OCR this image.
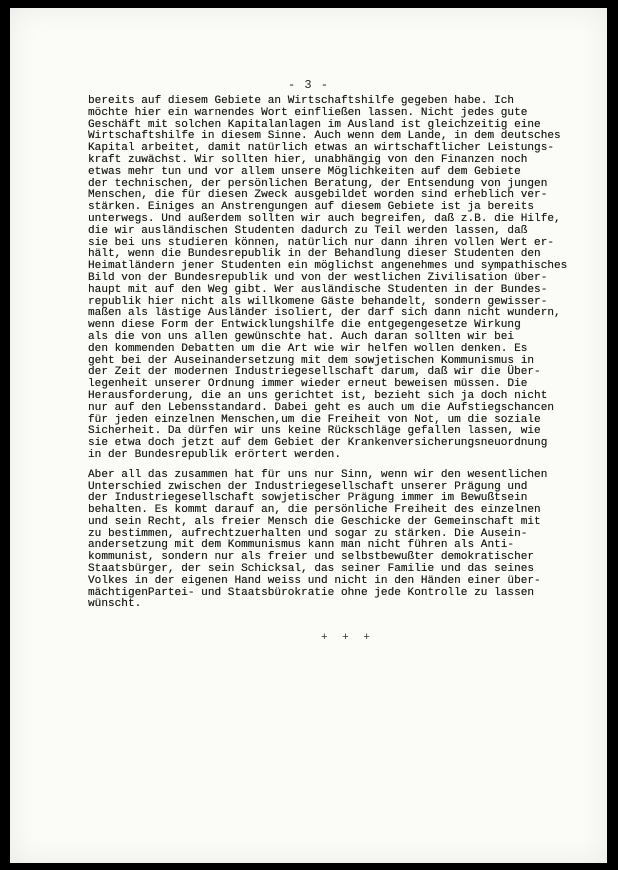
- 3 -
bereits auf diesem Gebiete an Wirtschaftshilfe gegeben habe. Ich
möchte hier ein warnendes Wort einfließen lassen. Nicht jedes gute
Geschäft mit solchen Kapitalanlagen im Ausland ist gleichzeitig eine
Wirtschaftshilfe in diesem Sinne. Auch wenn dem Lande, in dem deutsches
Kapital arbeitet, damit natürlich etwas an wirtschaftlicher Leistungs-
kraft zuwächst. Wir sollten hier, unabhängig von den Finanzen noch
etwas mehr tun und vor allem unsere Möglichkeiten auf dem Gebiete
der technischen, der persönlichen Beratung, der Entsendung von jungen
Menschen, die für diesen Zweck ausgebildet worden sind erheblich ver-
stärken. Einiges an Anstrengungen auf diesem Gebiete ist ja bereits
unterwegs. Und außerdem sollten wir auch begreifen, daß z.B. die Hilfe,
die wir ausländischen Studenten dadurch zu Teil werden lassen, daß
sie bei uns studieren können, natürlich nur dann ihren vollen Wert er-
hält, wenn die Bundesrepublik in der Behandlung dieser Studenten den
Heimatländern jener Studenten ein möglichst angenehmes und sympathisches
Bild von der Bundesrepublik und von der westlichen Zivilisation über-
haupt mit auf den Weg gibt. Wer ausländische Studenten in der Bundes-
republik hier nicht als willkomene Gäste behandelt, sondern gewisser-
maßen als lästige Ausländer isoliert, der darf sich dann nicht wundern,
wenn diese Form der Entwicklungshilfe die entgegengesetze Wirkung
als die von uns allen gewünschte hat. Auch daran sollten wir bei
den kommenden Debatten um die Art wie wir helfen wollen denken. Es
geht bei der Auseinandersetzung mit dem sowjetischen Kommunismus in
der Zeit der modernen Industriegesellschaft darum, daß wir die Über-
legenheit unserer Ordnung immer wieder erneut beweisen müssen. Die
Herausforderung, die an uns gerichtet ist, bezieht sich ja doch nicht
nur auf den Lebensstandard. Dabei geht es auch um die Aufstiegschancen
für jeden einzelnen Menschen,um die Freiheit von Not, um die soziale
Sicherheit. Da dürfen wir uns keine Rückschläge gefallen lassen, wie
sie etwa doch jetzt auf dem Gebiet der Krankenversicherungsneuordnung
in der Bundesrepublik erörtert werden.
Aber all das zusammen hat für uns nur Sinn, wenn wir den wesentlichen
Unterschied zwischen der Industriegesellschaft unserer Prägung und
der Industriegesellschaft sowjetischer Prägung immer im Bewußtsein
behalten. Es kommt darauf an, die persönliche Freiheit des einzelnen
und sein Recht, als freier Mensch die Geschicke der Gemeinschaft mit
zu bestimmen, aufrechtzuerhalten und sogar zu stärken. Die Ausein-
andersetzung mit dem Kommunismus kann man nicht führen als Anti-
kommunist, sondern nur als freier und selbstbewußter demokratischer
Staatsbürger, der sein Schicksal, das seiner Familie und das seines
Volkes in der eigenen Hand weiss und nicht in den Händen einer über-
mächtigenPartei- und Staatsbürokratie ohne jede Kontrolle zu lassen
wünscht.
+ + +
